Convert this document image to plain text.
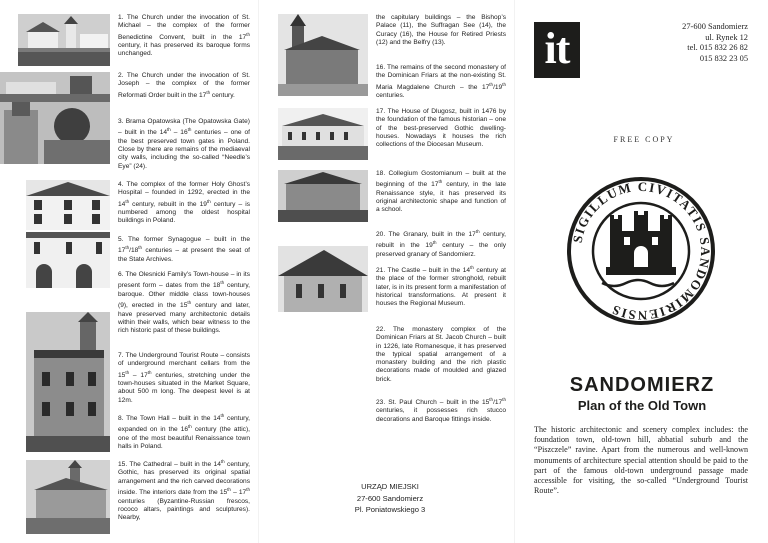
1. The Church under the invocation of St. Michael – the complex of the former Benedictine Convent, built in the 17th century, it has preserved its baroque forms unchanged.
2. The Church under the invocation of St. Joseph – the complex of the former Reformati Order built in the 17th century.
3. Brama Opatowska (The Opatowska Gate) – built in the 14th – 16th centuries – one of the best preserved town gates in Poland. Close by there are remains of the mediaeval city walls, including the so-called “Needle’s Eye” (24).
4. The complex of the former Holy Ghost’s Hospital – founded in 1292, erected in the 14th century, rebuilt in the 19th century – is numbered among the oldest hospital buildings in Poland.
5. The former Synagogue – built in the 17th/18th centuries – at present the seat of the State Archives.
6. The Olesnicki Family’s Town-house – in its present form – dates from the 18th century, baroque. Other middle class town-houses (9), erected in the 15th century and later, have preserved many architectonic details within their walls, which bear witness to the rich historic past of these buildings.
7. The Underground Tourist Route – consists of underground merchant cellars from the 15th – 17th centuries, stretching under the town-houses situated in the Market Square, about 500 m long. The deepest level is at 12m.
8. The Town Hall – built in the 14th century, expanded on in the 16th century (the attic), one of the most beautiful Renaissance town halls in Poland.
15. The Cathedral – built in the 14th century, Gothic, has preserved its original spatial arrangement and the rich carved decorations inside. The interiors date from the 15th – 17th centuries (Byzantine-Russian frescos, rococo altars, paintings and sculptures). Nearby,
the capitulary buildings – the Bishop’s Palace (11), the Suffragan See (14), the Curacy (16), the House for Retired Priests (12) and the Belfry (13).
16. The remains of the second monastery of the Dominican Friars at the non-existing St. Maria Magdalene Church – the 17th/19th centuries.
17. The House of Dlugosz, built in 1476 by the foundation of the famous historian – one of the best-preserved Gothic dwelling-houses. Nowadays it houses the rich collections of the Diocesan Museum.
18. Collegium Gostomianum – built at the beginning of the 17th century, in the late Renaissance style, it has preserved its original architectonic shape and function of a school.
20. The Granary, built in the 17th century, rebuilt in the 19th century – the only preserved granary of Sandomierz.
21. The Castle – built in the 14th century at the place of the former stronghold, rebuilt later, is in its present form a manifestation of historical transformations. At present it houses the Regional Museum.
22. The monastery complex of the Dominican Friars at St. Jacob Church – built in 1226, late Romanesque, it has preserved the typical spatial arrangement of a monastery building and the rich plastic decorations made of moulded and glazed brick.
23. St. Paul Church – built in the 15th/17th centuries, it possesses rich stucco decorations and Baroque fittings inside.
URZĄD MIEJSKI
27-600 Sandomierz
Pl. Poniatowskiego 3
it	27-600 Sandomierz
ul. Rynek 12
tel. 015 832 26 82
015 832 23 05
FREE COPY
SIGILLUM CIVITATIS SANDOMIRIENSIS
SANDOMIERZ
Plan of the Old Town
The historic architectonic and scenery complex includes: the foundation town, old-town hill, abbatial suburb and the “Piszczele” ravine. Apart from the numerous and well-known monuments of architecture special attention should be paid to the part of the famous old-town underground passage made accessible for visiting, the so-called “Underground Tourist Route”.
